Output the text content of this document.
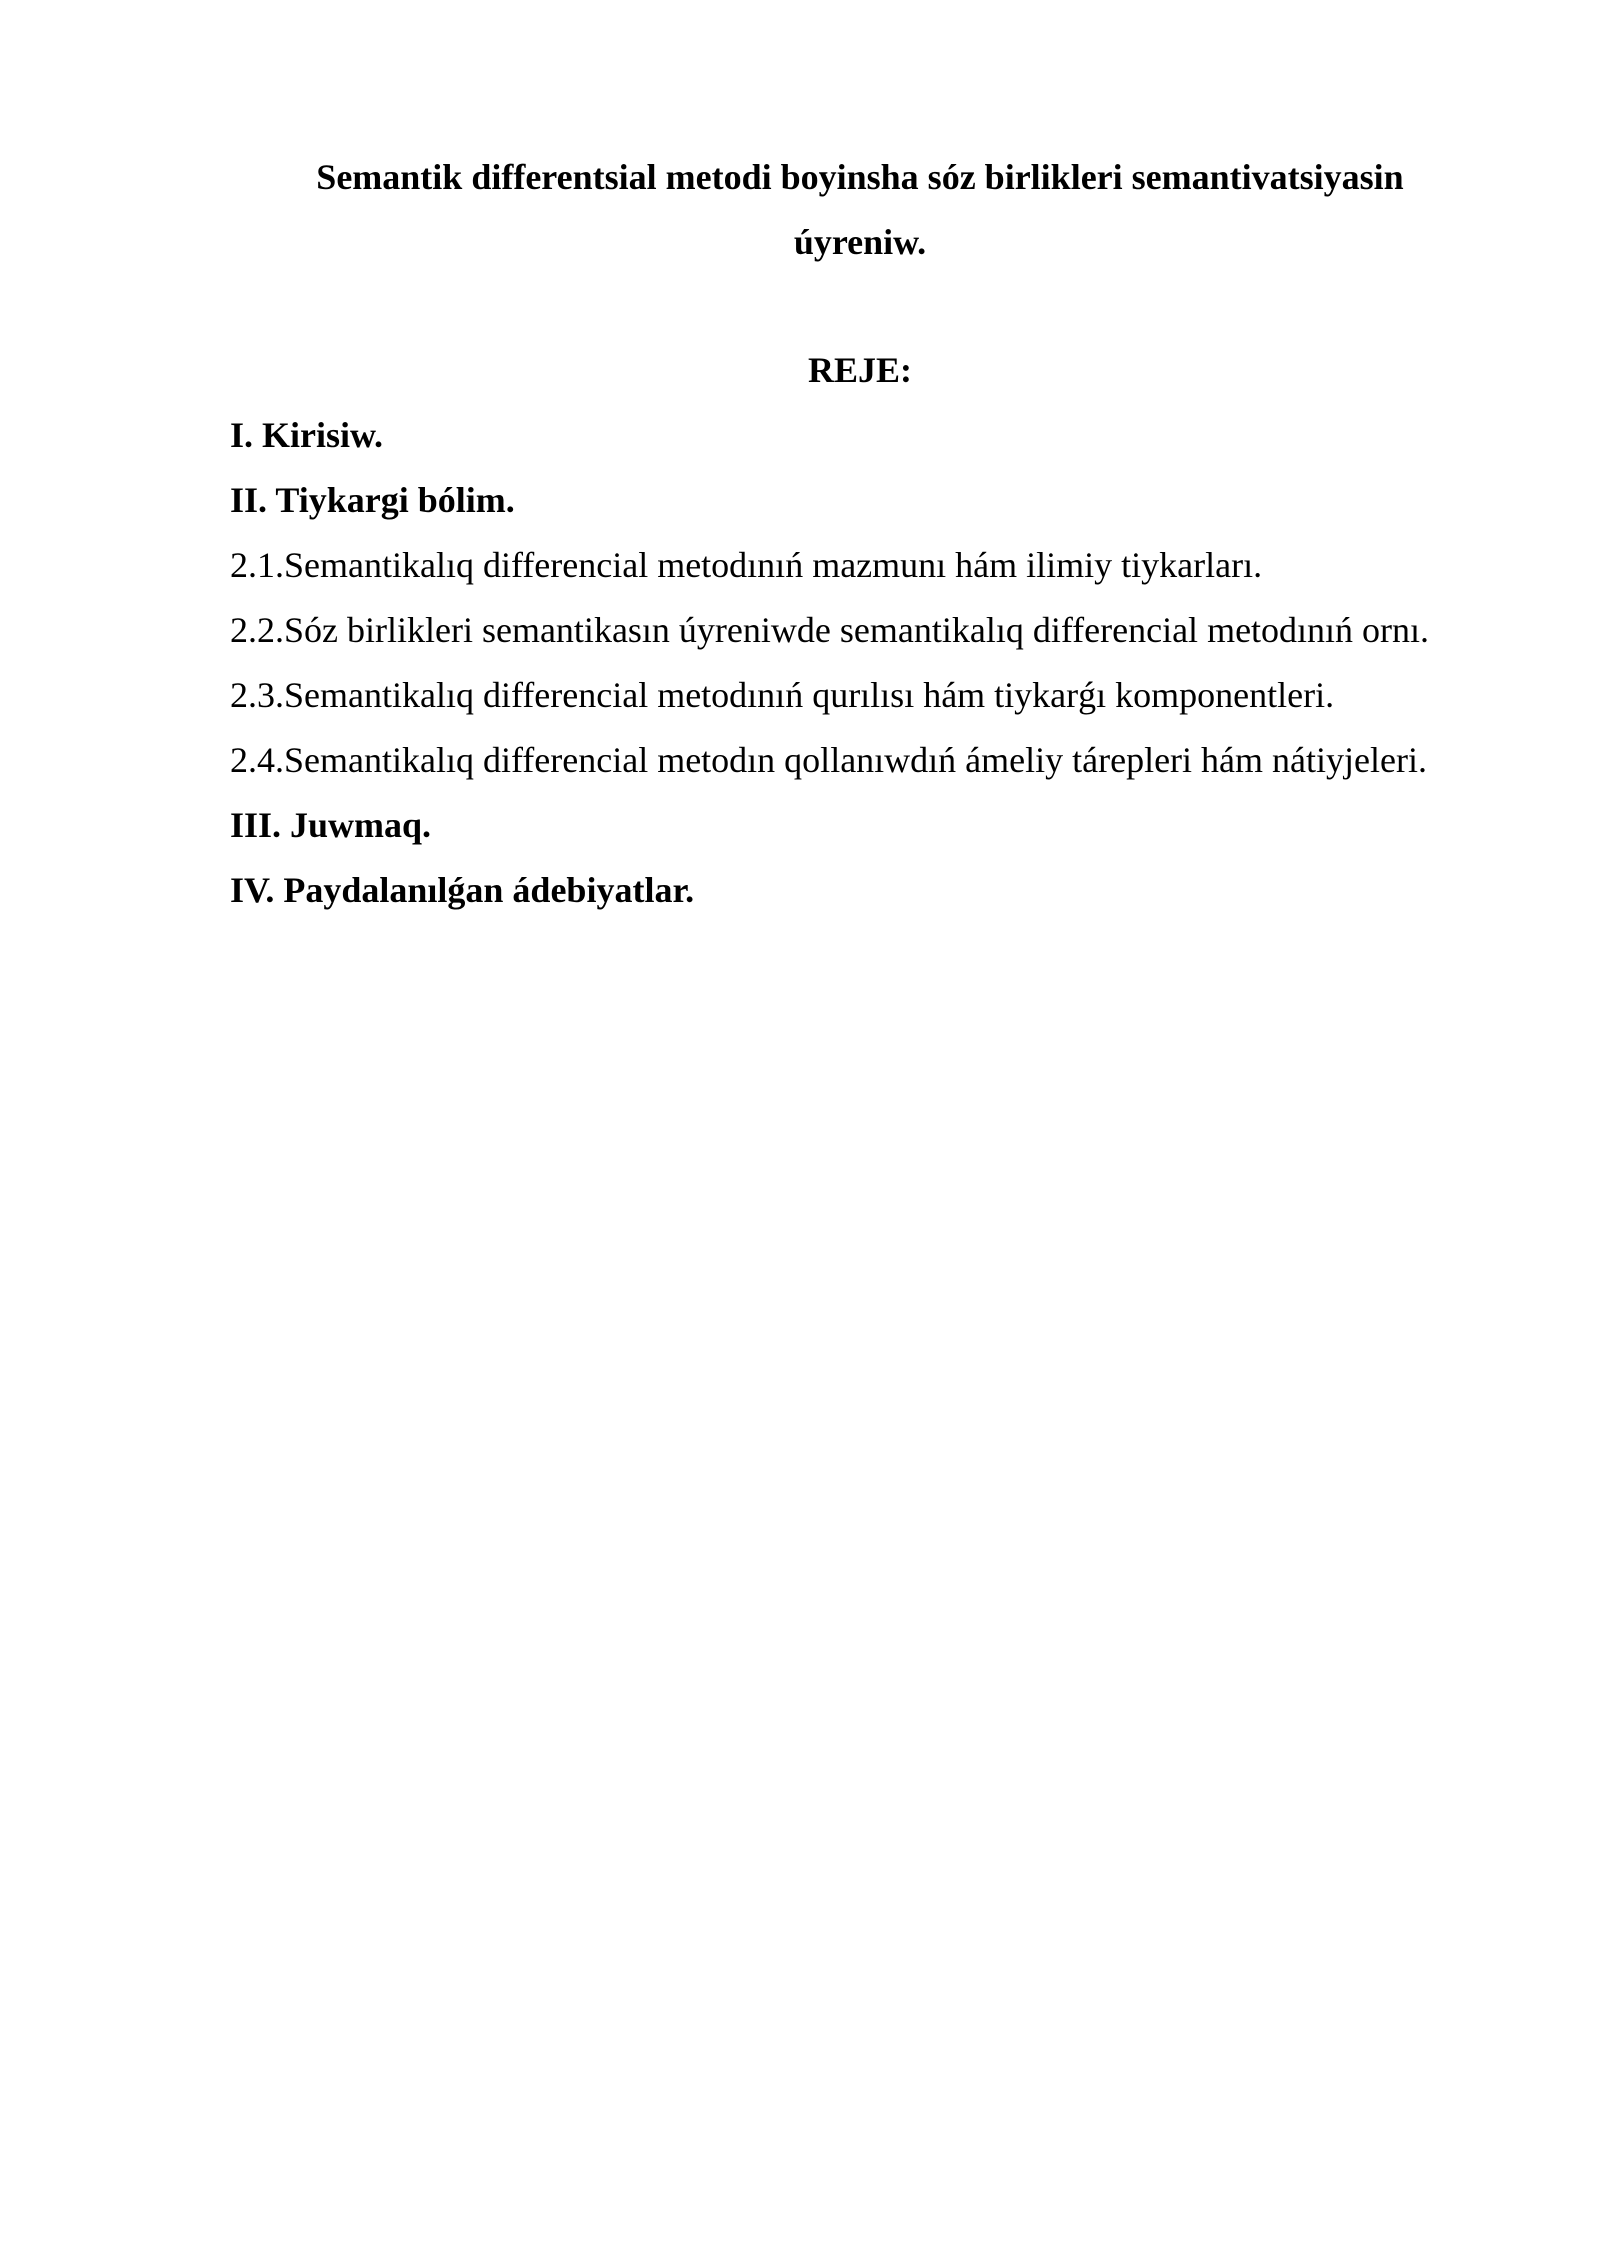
Semantik differentsial metodi boyinsha sóz birlikleri semantivatsiyasin
úyreniw.
REJE:
I. Kirisiw.
II. Tiykargi bólim.
2.1.Semantikalıq differencial metodınıń mazmunı hám ilimiy tiykarları.
2.2.Sóz birlikleri semantikasın úyreniwde semantikalıq differencial metodınıń ornı.
2.3.Semantikalıq differencial metodınıń qurılısı hám tiykarǵı komponentleri.
2.4.Semantikalıq differencial metodın qollanıwdıń ámeliy tárepleri hám nátiyjeleri.
III. Juwmaq.
IV. Paydalanılǵan ádebiyatlar.
